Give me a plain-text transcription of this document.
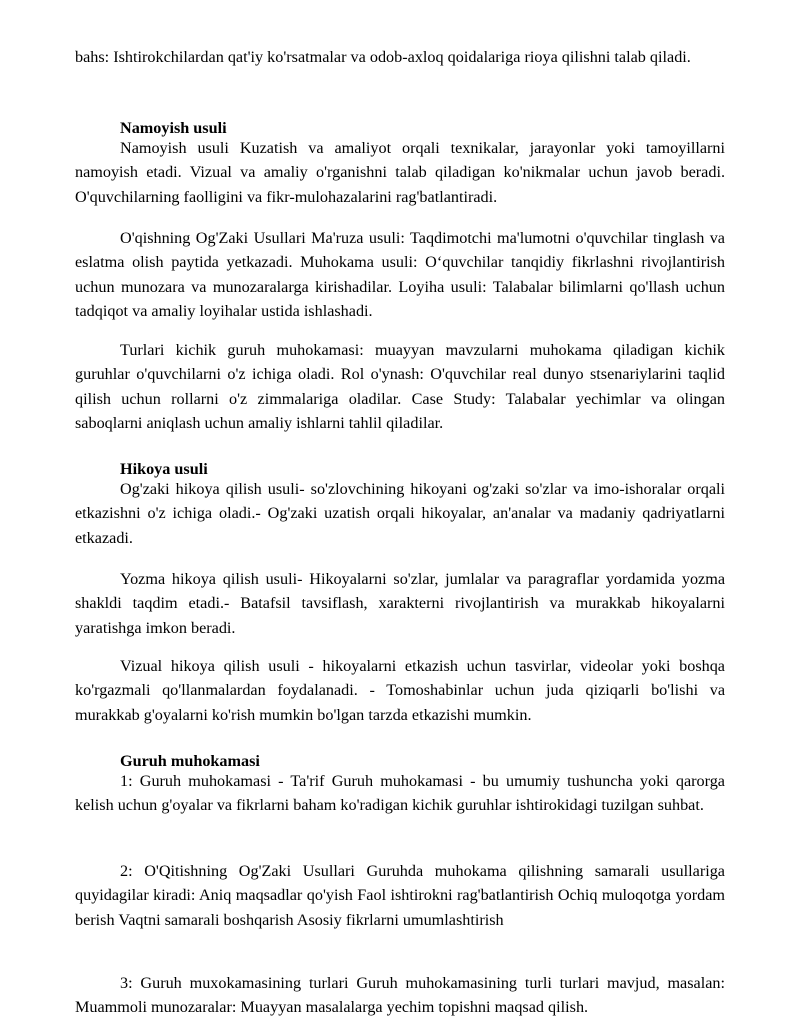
bahs: Ishtirokchilardan qat'iy ko'rsatmalar va odob-axloq qoidalariga rioya qilishni talab qiladi.

Namoyish usuli

Namoyish usuli Kuzatish va amaliyot orqali texnikalar, jarayonlar yoki tamoyillarni namoyish etadi. Vizual va amaliy o'rganishni talab qiladigan ko'nikmalar uchun javob beradi. O'quvchilarning faolligini va fikr-mulohazalarini rag'batlantiradi.

O'qishning Og'Zaki Usullari Ma'ruza usuli: Taqdimotchi ma'lumotni o'quvchilar tinglash va eslatma olish paytida yetkazadi. Muhokama usuli: O‘quvchilar tanqidiy fikrlashni rivojlantirish uchun munozara va munozaralarga kirishadilar. Loyiha usuli: Talabalar bilimlarni qo'llash uchun tadqiqot va amaliy loyihalar ustida ishlashadi.

Turlari kichik guruh muhokamasi: muayyan mavzularni muhokama qiladigan kichik guruhlar o'quvchilarni o'z ichiga oladi. Rol o'ynash: O'quvchilar real dunyo stsenariylarini taqlid qilish uchun rollarni o'z zimmalariga oladilar. Case Study: Talabalar yechimlar va olingan saboqlarni aniqlash uchun amaliy ishlarni tahlil qiladilar.

Hikoya usuli

Og'zaki hikoya qilish usuli- so'zlovchining hikoyani og'zaki so'zlar va imo-ishoralar orqali etkazishni o'z ichiga oladi.- Og'zaki uzatish orqali hikoyalar, an'analar va madaniy qadriyatlarni etkazadi.

Yozma hikoya qilish usuli- Hikoyalarni so'zlar, jumlalar va paragraflar yordamida yozma shakldi taqdim etadi.- Batafsil tavsiflash, xarakterni rivojlantirish va murakkab hikoyalarni yaratishga imkon beradi.

Vizual hikoya qilish usuli - hikoyalarni etkazish uchun tasvirlar, videolar yoki boshqa ko'rgazmali qo'llanmalardan foydalanadi. - Tomoshabinlar uchun juda qiziqarli bo'lishi va murakkab g'oyalarni ko'rish mumkin bo'lgan tarzda etkazishi mumkin.

Guruh muhokamasi

1: Guruh muhokamasi - Ta'rif Guruh muhokamasi - bu umumiy tushuncha yoki qarorga kelish uchun g'oyalar va fikrlarni baham ko'radigan kichik guruhlar ishtirokidagi tuzilgan suhbat.

2: O'Qitishning Og'Zaki Usullari Guruhda muhokama qilishning samarali usullariga quyidagilar kiradi: Aniq maqsadlar qo'yish Faol ishtirokni rag'batlantirish Ochiq muloqotga yordam berish Vaqtni samarali boshqarish Asosiy fikrlarni umumlashtirish

3: Guruh muxokamasining turlari Guruh muhokamasining turli turlari mavjud, masalan: Muammoli munozaralar: Muayyan masalalarga yechim topishni maqsad qilish.
